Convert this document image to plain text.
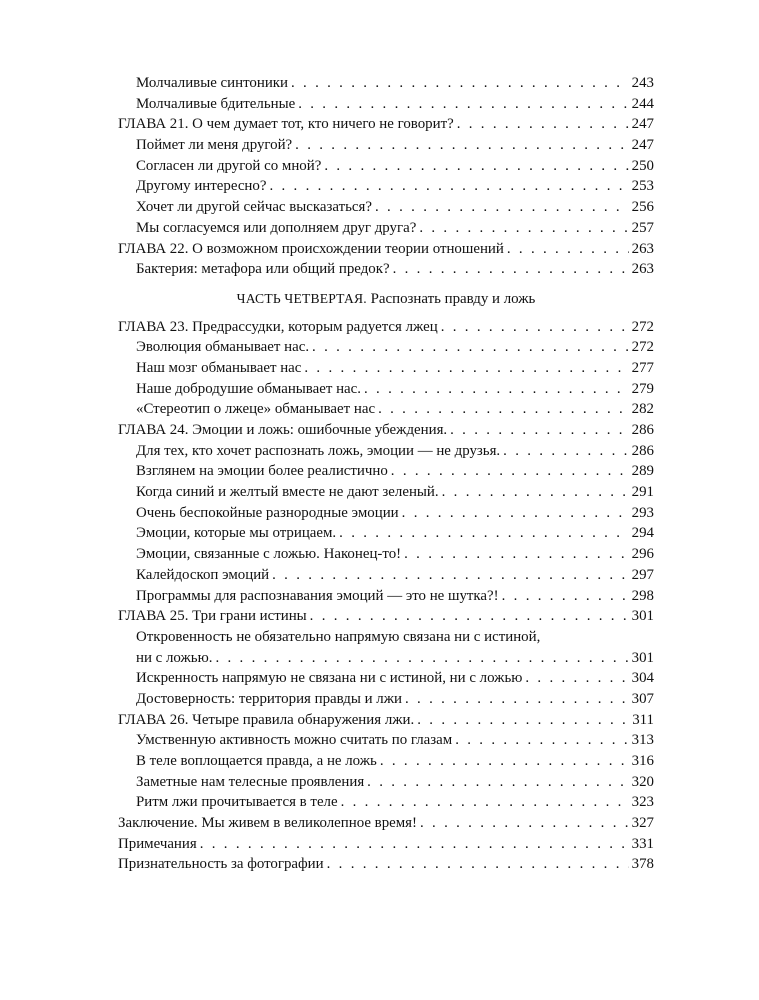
Молчаливые синтоники . . .	243
Молчаливые бдительные . . .	244
ГЛАВА 21. О чем думает тот, кто ничего не говорит? . . .	247
Поймет ли меня другой? . . .	247
Согласен ли другой со мной? . . .	250
Другому интересно? . . .	253
Хочет ли другой сейчас высказаться? . . .	256
Мы согласуемся или дополняем друг друга? . . .	257
ГЛАВА 22. О возможном происхождении теории отношений . . .	263
Бактерия: метафора или общий предок? . . .	263
ЧАСТЬ ЧЕТВЕРТАЯ. Распознать правду и ложь
ГЛАВА 23. Предрассудки, которым радуется лжец . . .	272
Эволюция обманывает нас. . . .	272
Наш мозг обманывает нас . . .	277
Наше добродушие обманывает нас. . . .	279
«Стереотип о лжеце» обманывает нас . . .	282
ГЛАВА 24. Эмоции и ложь: ошибочные убеждения. . . .	286
Для тех, кто хочет распознать ложь, эмоции — не друзья. . . .	286
Взглянем на эмоции более реалистично . . .	289
Когда синий и желтый вместе не дают зеленый. . . .	291
Очень беспокойные разнородные эмоции . . .	293
Эмоции, которые мы отрицаем. . . .	294
Эмоции, связанные с ложью. Наконец-то! . . .	296
Калейдоскоп эмоций . . .	297
Программы для распознавания эмоций — это не шутка?! . . .	298
ГЛАВА 25. Три грани истины . . .	301
Откровенность не обязательно напрямую связана ни с истиной,
ни с ложью. . . .	301
Искренность напрямую не связана ни с истиной, ни с ложью . . .	304
Достоверность: территория правды и лжи . . .	307
ГЛАВА 26. Четыре правила обнаружения лжи. . . .	311
Умственную активность можно считать по глазам . . .	313
В теле воплощается правда, а не ложь . . .	316
Заметные нам телесные проявления . . .	320
Ритм лжи прочитывается в теле . . .	323
Заключение. Мы живем в великолепное время! . . .	327
Примечания . . .	331
Признательность за фотографии . . .	378
